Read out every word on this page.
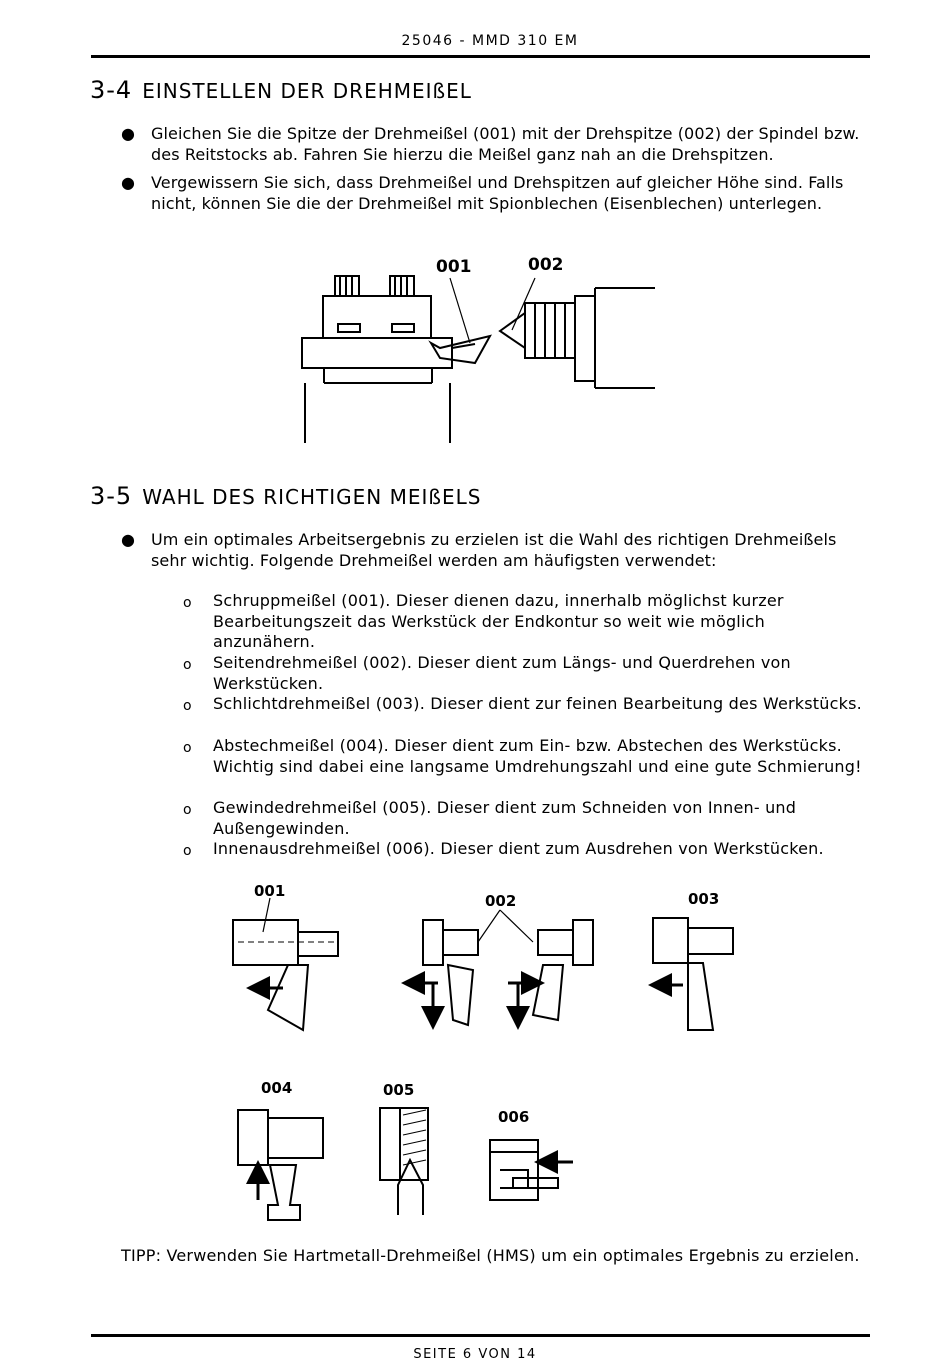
25046 - MMD 310 EM
3-4 EINSTELLEN DER DREHMEIßEL
● Gleichen Sie die Spitze der Drehmeißel (001) mit der Drehspitze (002) der Spindel bzw. des Reitstocks ab. Fahren Sie hierzu die Meißel ganz nah an die Drehspitzen.
● Vergewissern Sie sich, dass Drehmeißel und Drehspitzen auf gleicher Höhe sind. Falls nicht, können Sie die der Drehmeißel mit Spionblechen (Eisenblechen) unterlegen.
001	002
3-5 WAHL DES RICHTIGEN MEIßELS
● Um ein optimales Arbeitsergebnis zu erzielen ist die Wahl des richtigen Drehmeißels sehr wichtig. Folgende Drehmeißel werden am häufigsten verwendet:
o Schruppmeißel (001). Dieser dienen dazu, innerhalb möglichst kurzer Bearbeitungszeit das Werkstück der Endkontur so weit wie möglich anzunähern.
o Seitendrehmeißel (002). Dieser dient zum Längs- und Querdrehen von Werkstücken.
o Schlichtdrehmeißel (003). Dieser dient zur feinen Bearbeitung des Werkstücks.
o Abstechmeißel (004). Dieser dient zum Ein- bzw. Abstechen des Werkstücks. Wichtig sind dabei eine langsame Umdrehungszahl und eine gute Schmierung!
o Gewindedrehmeißel (005). Dieser dient zum Schneiden von Innen- und Außengewinden.
o Innenausdrehmeißel (006). Dieser dient zum Ausdrehen von Werkstücken.
001
002	003
004	005
006
TIPP: Verwenden Sie Hartmetall-Drehmeißel (HMS) um ein optimales Ergebnis zu erzielen.
SEITE 6 VON 14
